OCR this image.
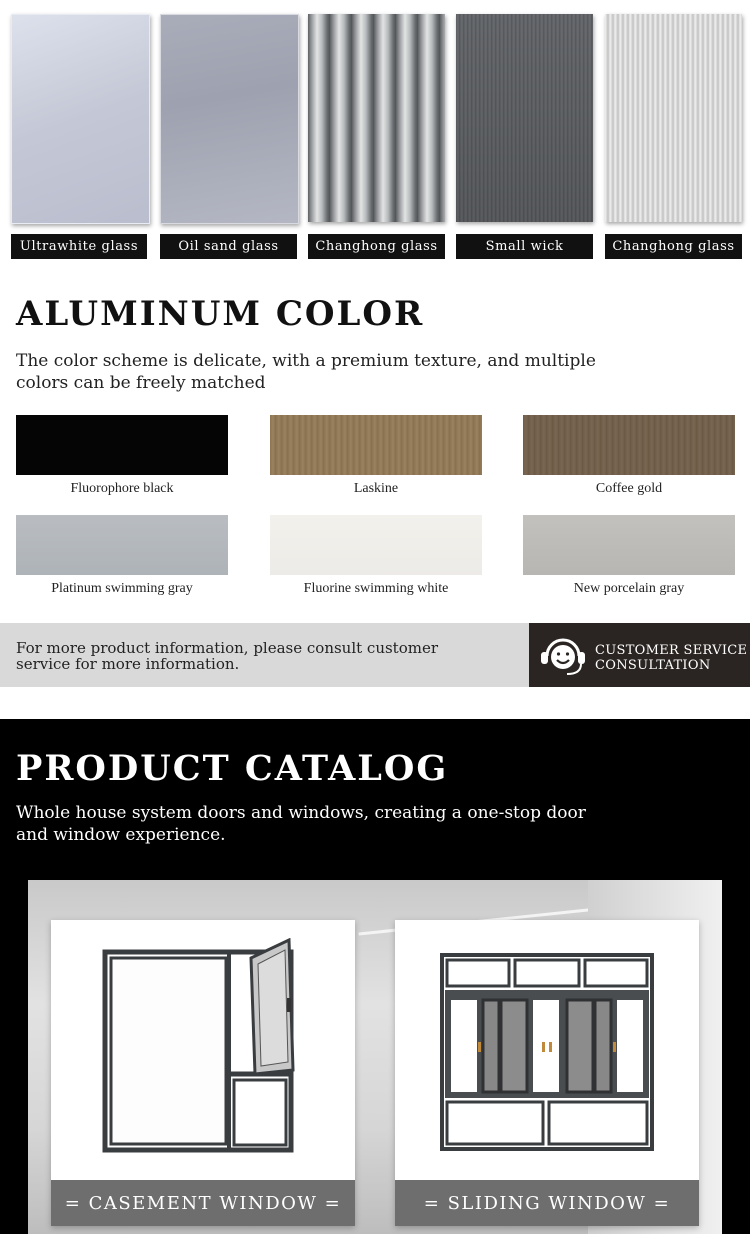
Ultrawhite glass	Oil sand glass	Changhong glass	Small wick	Changhong glass
ALUMINUM COLOR
The color scheme is delicate, with a premium texture, and multiple colors can be freely matched
Fluorophore black	Laskine	Coffee gold
Platinum swimming gray	Fluorine swimming white	New porcelain gray
For more product information, please consult customer service for more information.
CUSTOMER SERVICE
CONSULTATION
PRODUCT CATALOG
Whole house system doors and windows, creating a one-stop door and window experience.
= CASEMENT WINDOW =	= SLIDING WINDOW =
